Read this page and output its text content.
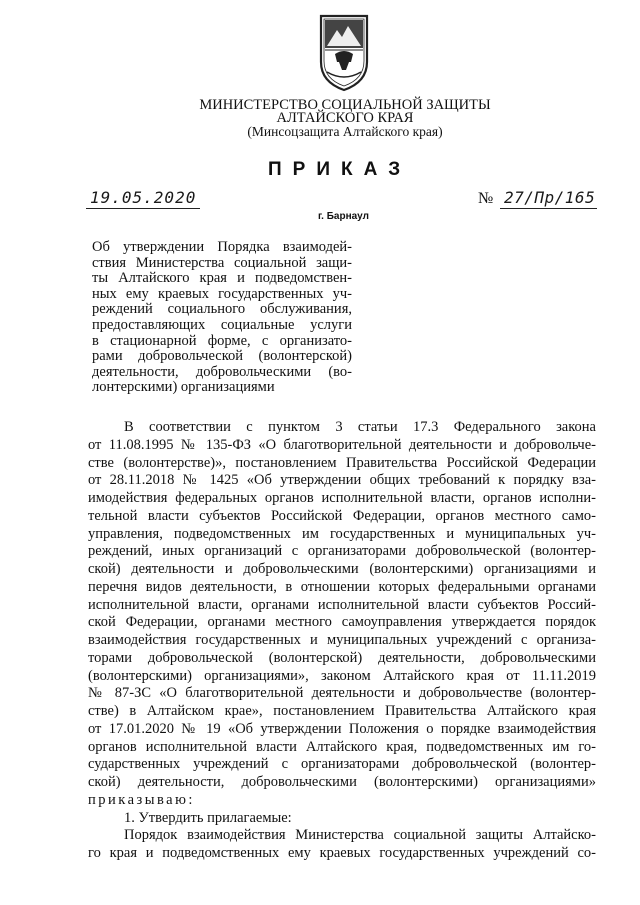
МИНИСТЕРСТВО СОЦИАЛЬНОЙ ЗАЩИТЫ
АЛТАЙСКОГО КРАЯ
(Минсоцзащита Алтайского края)
ПРИКАЗ
19.05.2020	№ 27/Пр/165
г. Барнаул
Об утверждении Порядка взаимодей-
ствия Министерства социальной защи-
ты Алтайского края и подведомствен-
ных ему краевых государственных уч-
реждений социального обслуживания,
предоставляющих социальные услуги
в стационарной форме, с организато-
рами добровольческой (волонтерской)
деятельности, добровольческими (во-
лонтерскими) организациями
В соответствии с пунктом 3 статьи 17.3 Федерального закона
от 11.08.1995 № 135-ФЗ «О благотворительной деятельности и добровольче-
стве (волонтерстве)», постановлением Правительства Российской Федерации
от 28.11.2018 № 1425 «Об утверждении общих требований к порядку вза-
имодействия федеральных органов исполнительной власти, органов исполни-
тельной власти субъектов Российской Федерации, органов местного само-
управления, подведомственных им государственных и муниципальных уч-
реждений, иных организаций с организаторами добровольческой (волонтер-
ской) деятельности и добровольческими (волонтерскими) организациями и
перечня видов деятельности, в отношении которых федеральными органами
исполнительной власти, органами исполнительной власти субъектов Россий-
ской Федерации, органами местного самоуправления утверждается порядок
взаимодействия государственных и муниципальных учреждений с организа-
торами добровольческой (волонтерской) деятельности, добровольческими
(волонтерскими) организациями», законом Алтайского края от 11.11.2019
№ 87-ЗС «О благотворительной деятельности и добровольчестве (волонтер-
стве) в Алтайском крае», постановлением Правительства Алтайского края
от 17.01.2020 № 19 «Об утверждении Положения о порядке взаимодействия
органов исполнительной власти Алтайского края, подведомственных им го-
сударственных учреждений с организаторами добровольческой (волонтер-
ской) деятельности, добровольческими (волонтерскими) организациями»
приказываю:
1. Утвердить прилагаемые:
Порядок взаимодействия Министерства социальной защиты Алтайско-
го края и подведомственных ему краевых государственных учреждений со-
